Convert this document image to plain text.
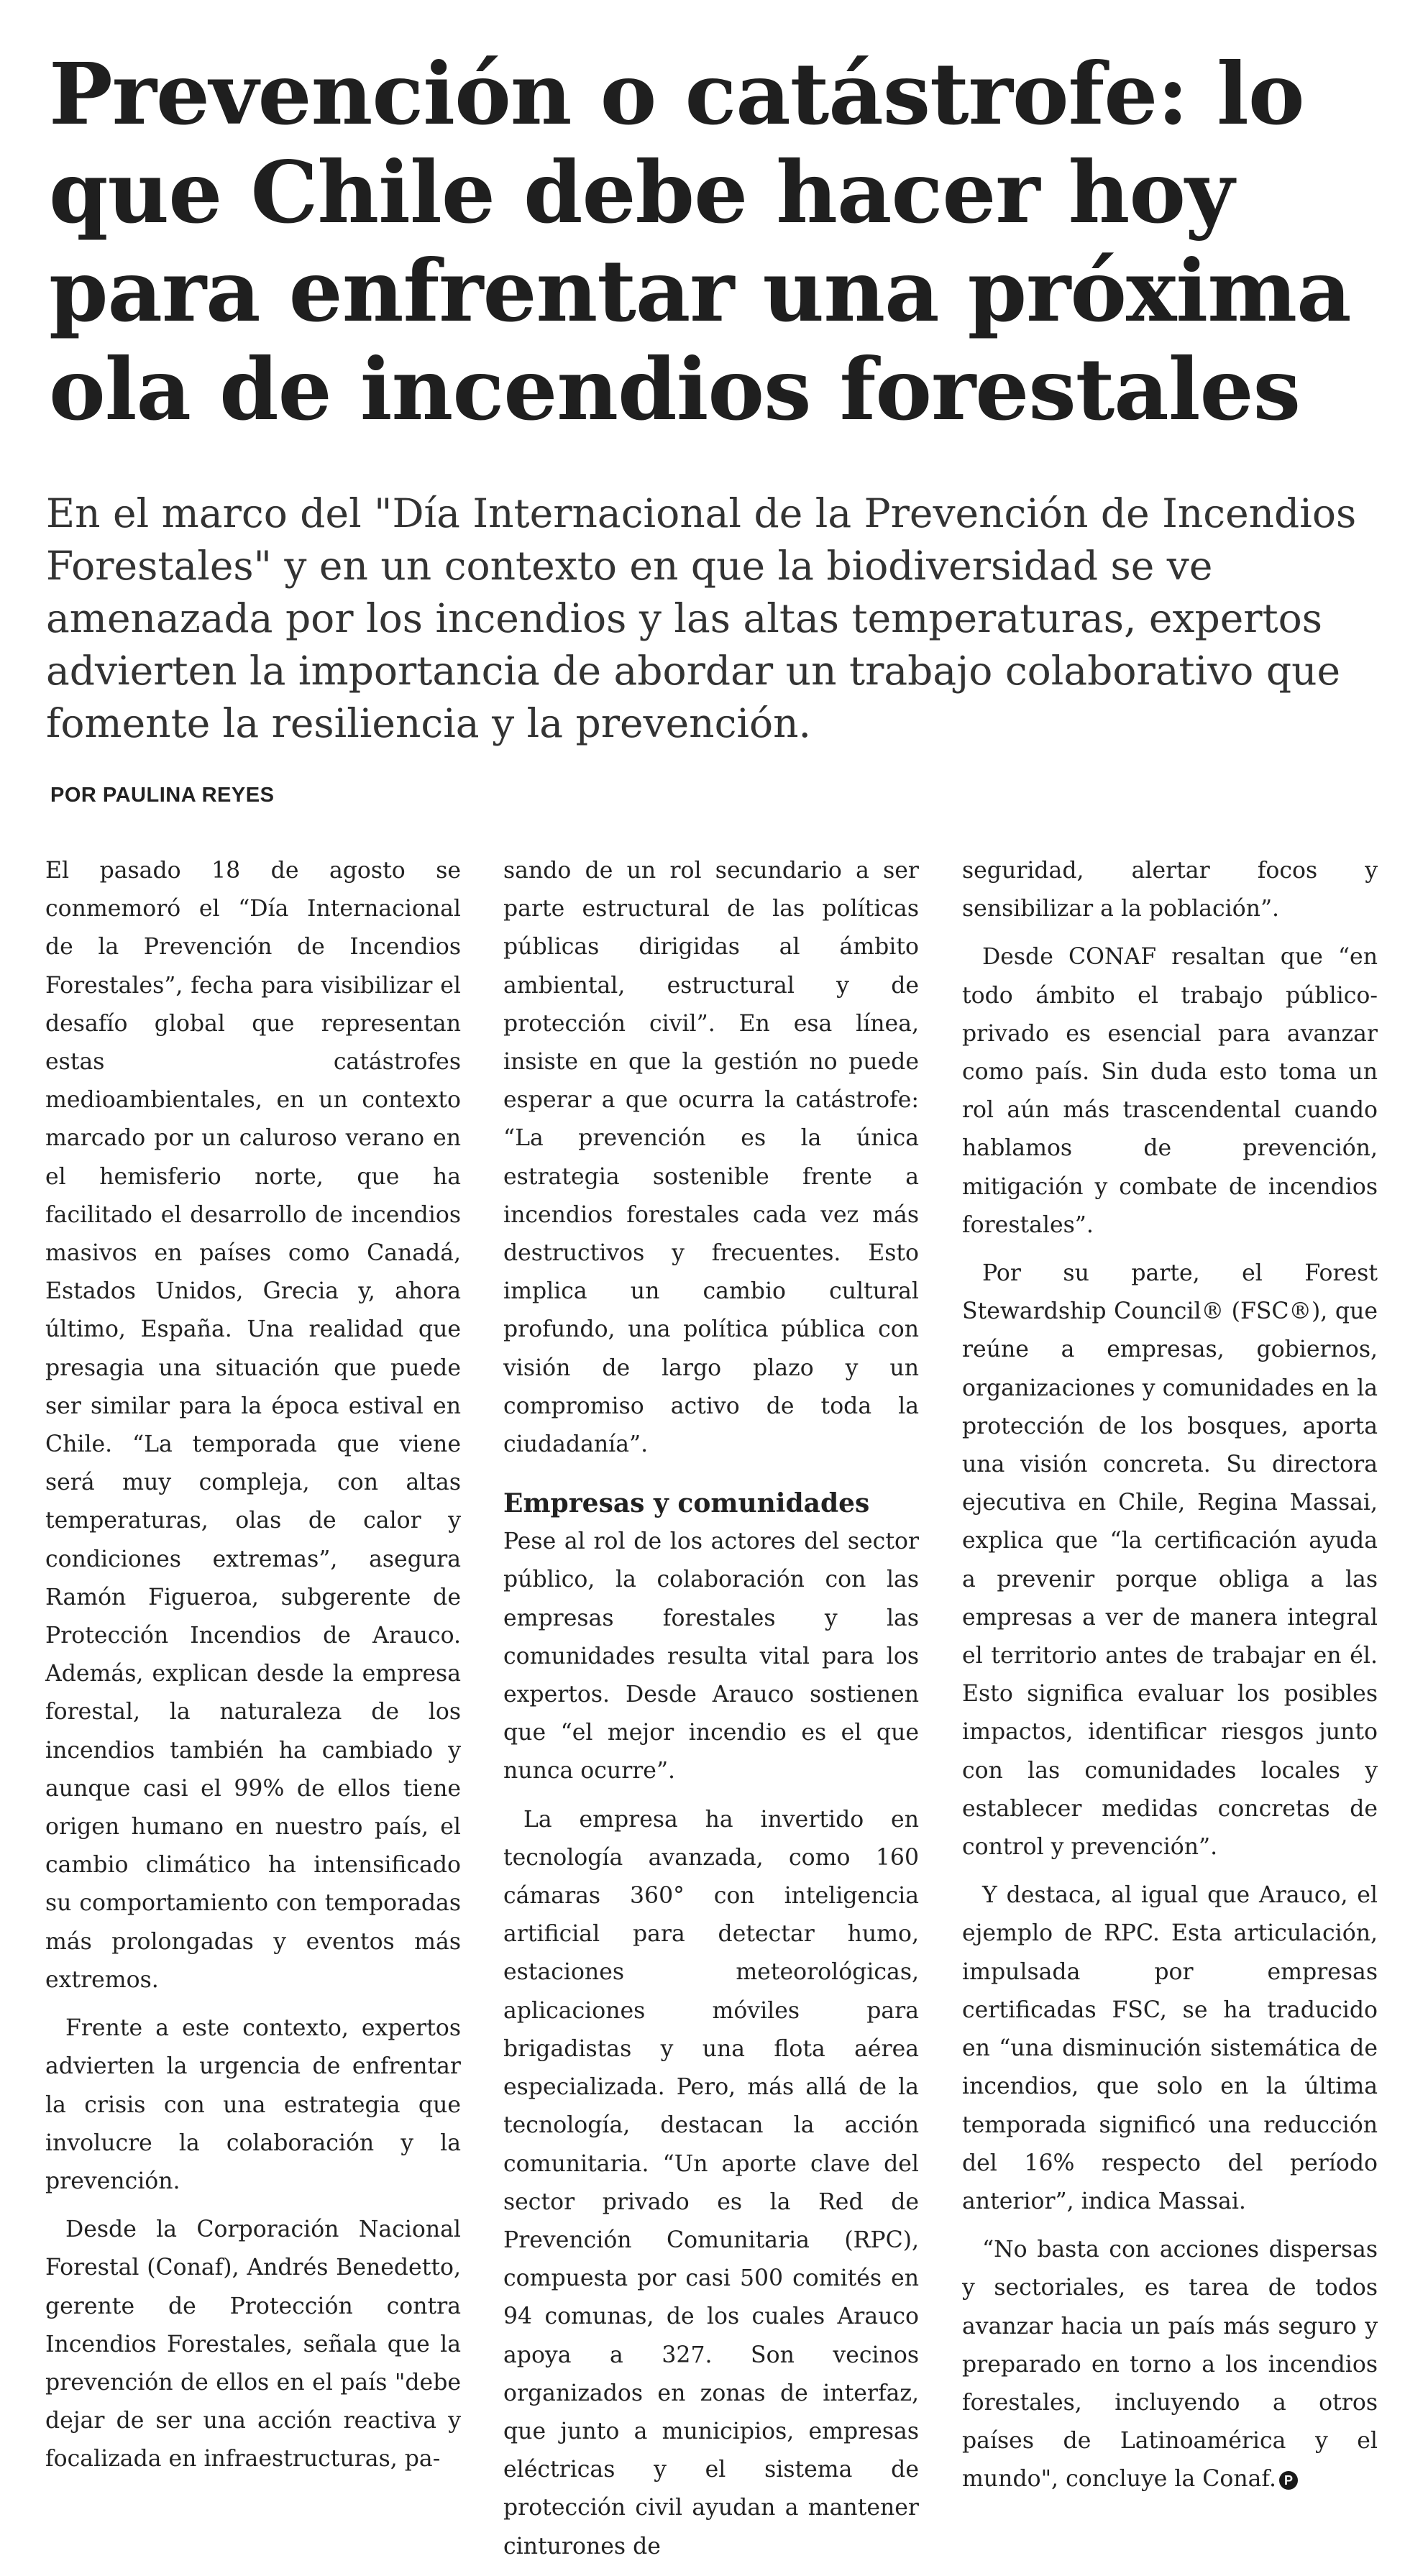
Prevención o catástrofe: lo que Chile debe hacer hoy para enfrentar una próxima ola de incendios forestales

En el marco del "Día Internacional de la Prevención de Incendios Forestales" y en un contexto en que la biodiversidad se ve amenazada por los incendios y las altas temperaturas, expertos advierten la importancia de abordar un trabajo colaborativo que fomente la resiliencia y la prevención.

POR PAULINA REYES

El pasado 18 de agosto se conmemoró el “Día Internacional de la Prevención de Incendios Forestales”, fecha para visibilizar el desafío global que representan estas catástrofes medioambientales, en un contexto marcado por un caluroso verano en el hemisferio norte, que ha facilitado el desarrollo de incendios masivos en países como Canadá, Estados Unidos, Grecia y, ahora último, España. Una realidad que presagia una situación que puede ser similar para la época estival en Chile. “La temporada que viene será muy compleja, con altas temperaturas, olas de calor y condiciones extremas”, asegura Ramón Figueroa, subgerente de Protección Incendios de Arauco. Además, explican desde la empresa forestal, la naturaleza de los incendios también ha cambiado y aunque casi el 99% de ellos tiene origen humano en nuestro país, el cambio climático ha intensificado su comportamiento con temporadas más prolongadas y eventos más extremos.

Frente a este contexto, expertos advierten la urgencia de enfrentar la crisis con una estrategia que involucre la colaboración y la prevención.

Desde la Corporación Nacional Forestal (Conaf), Andrés Benedetto, gerente de Protección contra Incendios Forestales, señala que la prevención de ellos en el país "debe dejar de ser una acción reactiva y focalizada en infraestructuras, pa-

sando de un rol secundario a ser parte estructural de las políticas públicas dirigidas al ámbito ambiental, estructural y de protección civil”. En esa línea, insiste en que la gestión no puede esperar a que ocurra la catástrofe: “La prevención es la única estrategia sostenible frente a incendios forestales cada vez más destructivos y frecuentes. Esto implica un cambio cultural profundo, una política pública con visión de largo plazo y un compromiso activo de toda la ciudadanía”.

Empresas y comunidades

Pese al rol de los actores del sector público, la colaboración con las empresas forestales y las comunidades resulta vital para los expertos. Desde Arauco sostienen que “el mejor incendio es el que nunca ocurre”.

La empresa ha invertido en tecnología avanzada, como 160 cámaras 360° con inteligencia artificial para detectar humo, estaciones meteorológicas, aplicaciones móviles para brigadistas y una flota aérea especializada. Pero, más allá de la tecnología, destacan la acción comunitaria. “Un aporte clave del sector privado es la Red de Prevención Comunitaria (RPC), compuesta por casi 500 comités en 94 comunas, de los cuales Arauco apoya a 327. Son vecinos organizados en zonas de interfaz, que junto a municipios, empresas eléctricas y el sistema de protección civil ayudan a mantener cinturones de

seguridad, alertar focos y sensibilizar a la población”.

Desde CONAF resaltan que “en todo ámbito el trabajo público-privado es esencial para avanzar como país. Sin duda esto toma un rol aún más trascendental cuando hablamos de prevención, mitigación y combate de incendios forestales”.

Por su parte, el Forest Stewardship Council® (FSC®), que reúne a empresas, gobiernos, organizaciones y comunidades en la protección de los bosques, aporta una visión concreta. Su directora ejecutiva en Chile, Regina Massai, explica que “la certificación ayuda a prevenir porque obliga a las empresas a ver de manera integral el territorio antes de trabajar en él. Esto significa evaluar los posibles impactos, identificar riesgos junto con las comunidades locales y establecer medidas concretas de control y prevención”.

Y destaca, al igual que Arauco, el ejemplo de RPC. Esta articulación, impulsada por empresas certificadas FSC, se ha traducido en “una disminución sistemática de incendios, que solo en la última temporada significó una reducción del 16% respecto del período anterior”, indica Massai.

“No basta con acciones dispersas y sectoriales, es tarea de todos avanzar hacia un país más seguro y preparado en torno a los incendios forestales, incluyendo a otros países de Latinoamérica y el mundo", concluye la Conaf. P
